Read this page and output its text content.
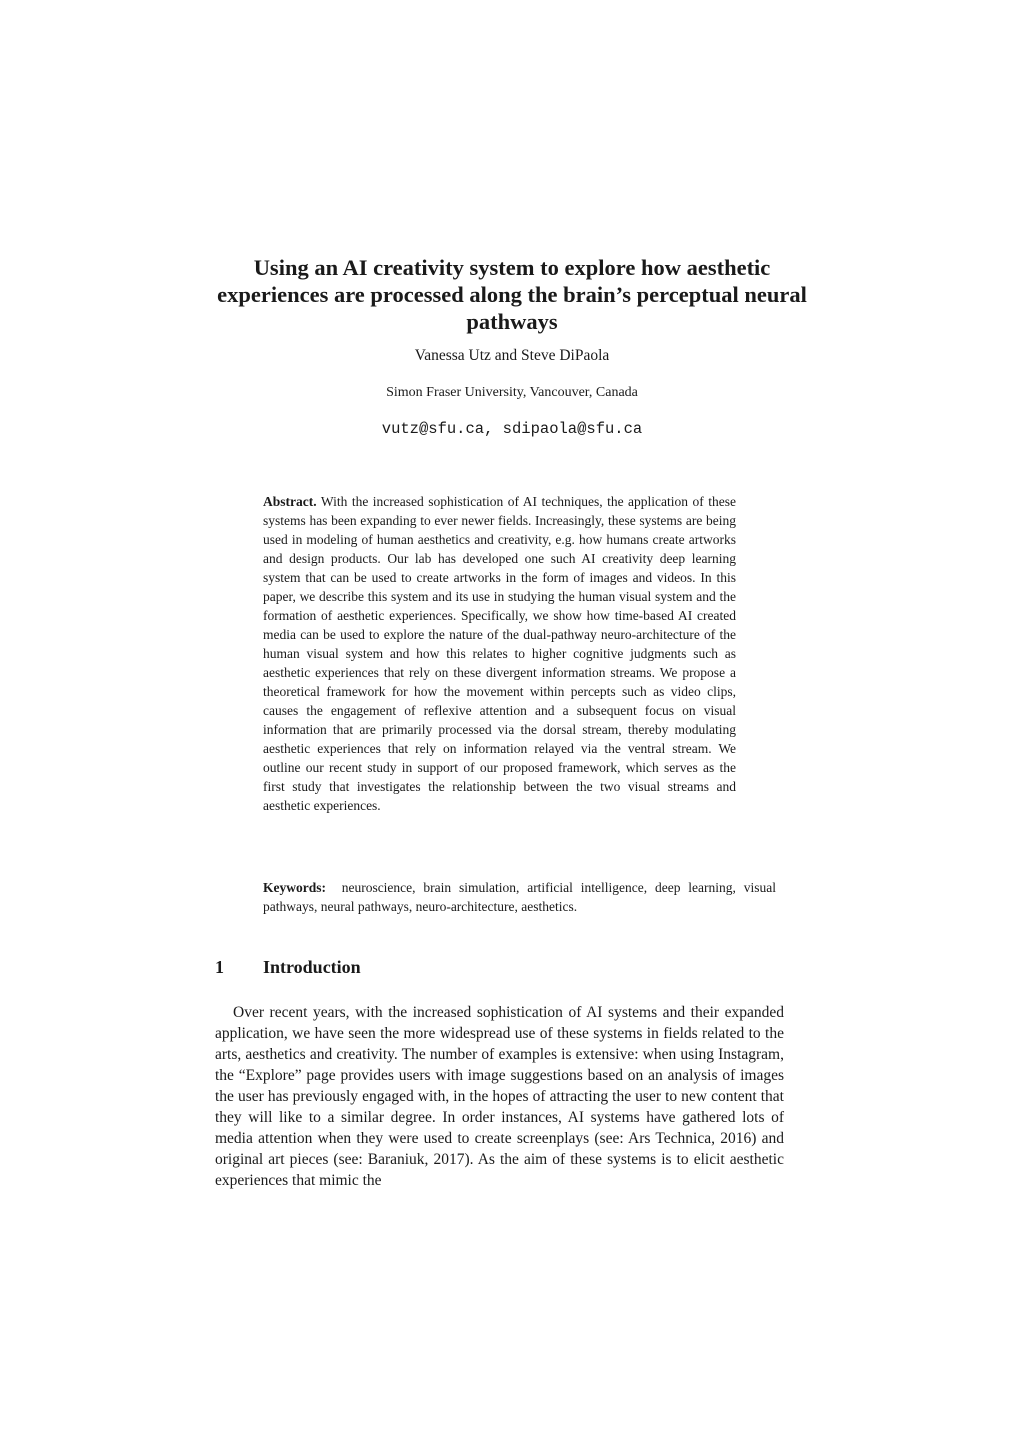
Using an AI creativity system to explore how aesthetic experiences are processed along the brain’s perceptual neural pathways
Vanessa Utz and Steve DiPaola
Simon Fraser University, Vancouver, Canada
vutz@sfu.ca, sdipaola@sfu.ca

Abstract. With the increased sophistication of AI techniques, the application of these systems has been expanding to ever newer fields. Increasingly, these systems are being used in modeling of human aesthetics and creativity, e.g. how humans create artworks and design products. Our lab has developed one such AI creativity deep learning system that can be used to create artworks in the form of images and videos. In this paper, we describe this system and its use in studying the human visual system and the formation of aesthetic experiences. Specifically, we show how time-based AI created media can be used to explore the nature of the dual-pathway neuro-architecture of the human visual system and how this relates to higher cognitive judgments such as aesthetic experiences that rely on these divergent information streams. We propose a theoretical framework for how the movement within percepts such as video clips, causes the engagement of reflexive attention and a subsequent focus on visual information that are primarily processed via the dorsal stream, thereby modulating aesthetic experiences that rely on information relayed via the ventral stream. We outline our recent study in support of our proposed framework, which serves as the first study that investigates the relationship between the two visual streams and aesthetic experiences.

Keywords: neuroscience, brain simulation, artificial intelligence, deep learning, visual pathways, neural pathways, neuro-architecture, aesthetics.

1 Introduction

Over recent years, with the increased sophistication of AI systems and their expanded application, we have seen the more widespread use of these systems in fields related to the arts, aesthetics and creativity. The number of examples is extensive: when using Instagram, the “Explore” page provides users with image suggestions based on an analysis of images the user has previously engaged with, in the hopes of attracting the user to new content that they will like to a similar degree. In order instances, AI systems have gathered lots of media attention when they were used to create screenplays (see: Ars Technica, 2016) and original art pieces (see: Baraniuk, 2017). As the aim of these systems is to elicit aesthetic experiences that mimic the
